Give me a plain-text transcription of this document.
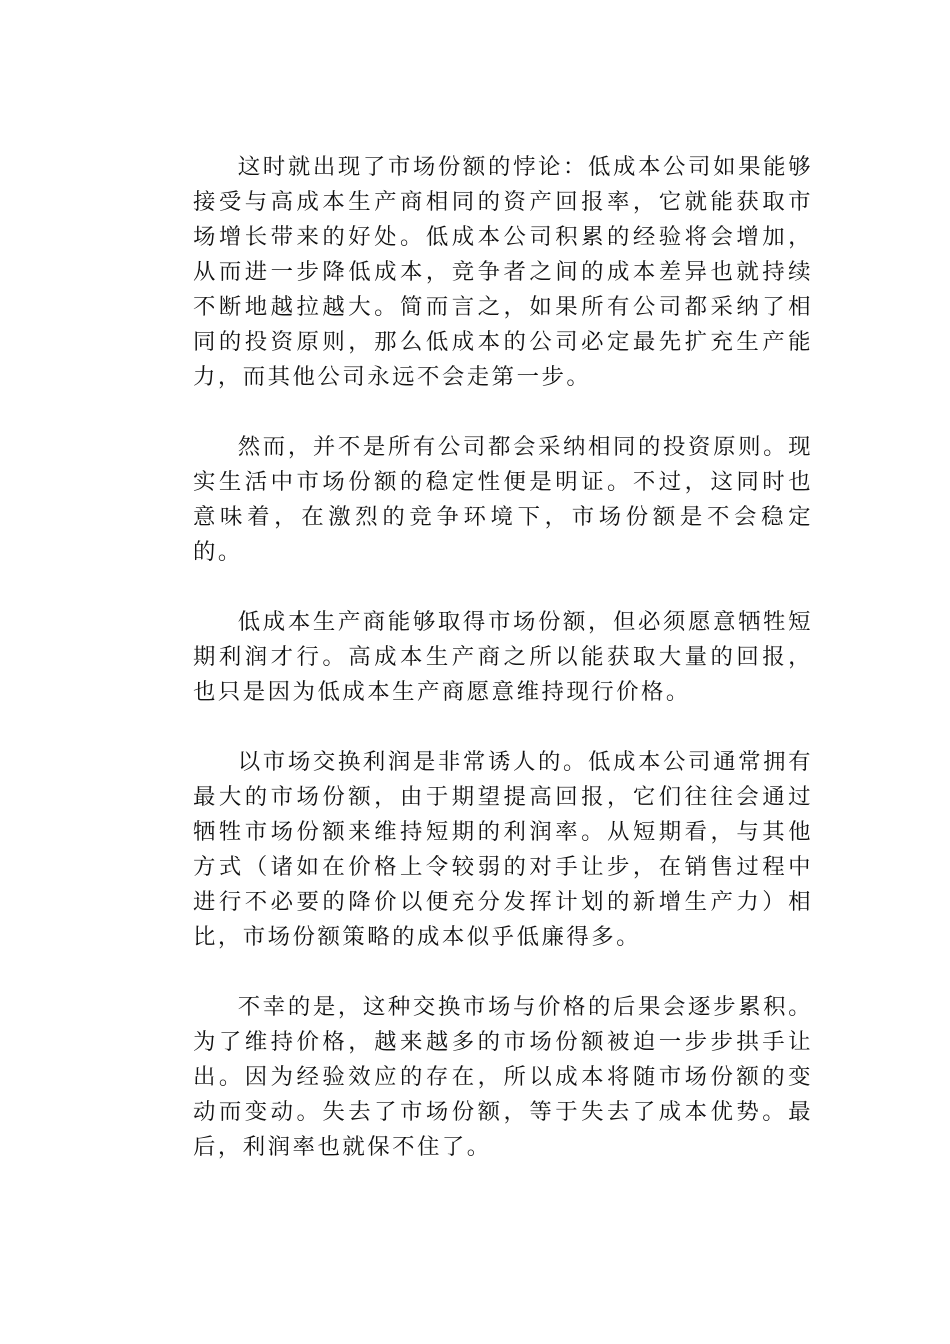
这时就出现了市场份额的悖论：低成本公司如果能够接受与高成本生产商相同的资产回报率，它就能获取市场增长带来的好处。低成本公司积累的经验将会增加，从而进一步降低成本，竞争者之间的成本差异也就持续不断地越拉越大。简而言之，如果所有公司都采纳了相同的投资原则，那么低成本的公司必定最先扩充生产能力，而其他公司永远不会走第一步。

然而，并不是所有公司都会采纳相同的投资原则。现实生活中市场份额的稳定性便是明证。不过，这同时也意味着，在激烈的竞争环境下，市场份额是不会稳定的。

低成本生产商能够取得市场份额，但必须愿意牺牲短期利润才行。高成本生产商之所以能获取大量的回报，也只是因为低成本生产商愿意维持现行价格。

以市场交换利润是非常诱人的。低成本公司通常拥有最大的市场份额，由于期望提高回报，它们往往会通过牺牲市场份额来维持短期的利润率。从短期看，与其他方式（诸如在价格上令较弱的对手让步，在销售过程中进行不必要的降价以便充分发挥计划的新增生产力）相比，市场份额策略的成本似乎低廉得多。

不幸的是，这种交换市场与价格的后果会逐步累积。为了维持价格，越来越多的市场份额被迫一步步拱手让出。因为经验效应的存在，所以成本将随市场份额的变动而变动。失去了市场份额，等于失去了成本优势。最后，利润率也就保不住了。
